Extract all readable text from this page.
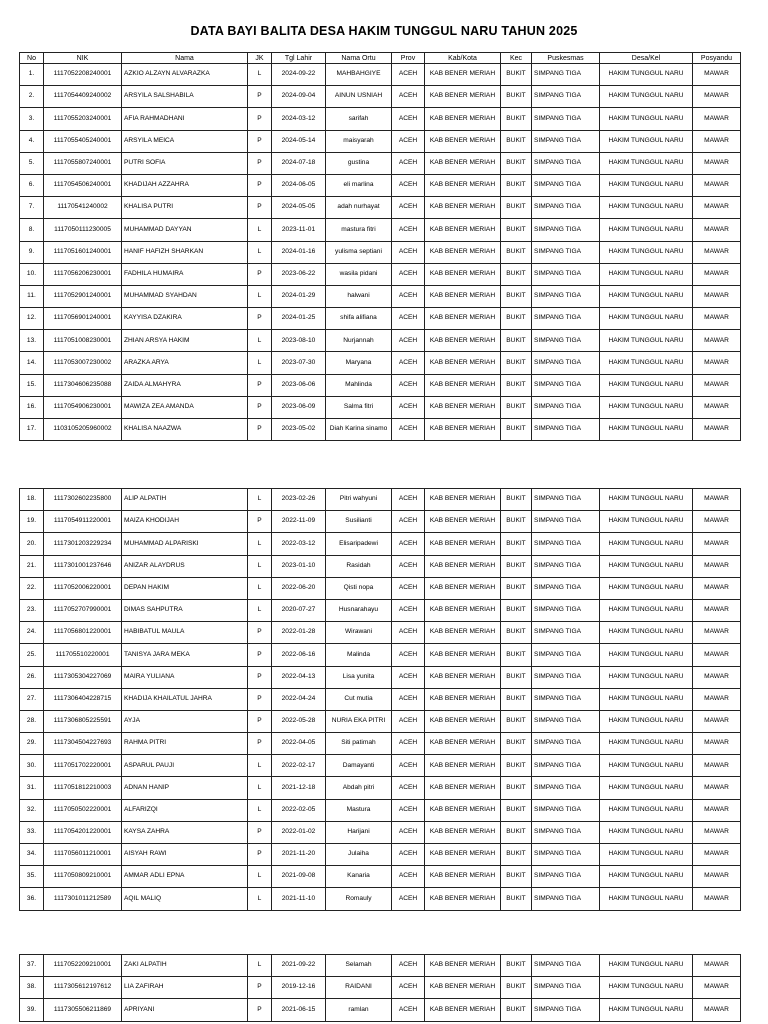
DATA BAYI BALITA DESA HAKIM TUNGGUL NARU TAHUN 2025
No	NIK	Nama	JK	Tgl Lahir	Nama Ortu	Prov	Kab/Kota	Kec	Puskesmas	Desa/Kel	Posyandu
1.	1117052208240001	AZKIO ALZAYN ALVARAZKA	L	2024-09-22	MAHBAHGIYE	ACEH	KAB BENER MERIAH	BUKIT	SIMPANG TIGA	HAKIM TUNGGUL NARU	MAWAR
2.	1117054409240002	ARSYILA SALSHABILA	P	2024-09-04	AINUN USNIAH	ACEH	KAB BENER MERIAH	BUKIT	SIMPANG TIGA	HAKIM TUNGGUL NARU	MAWAR
3.	1117055203240001	AFIA RAHMADHANI	P	2024-03-12	sarifah	ACEH	KAB BENER MERIAH	BUKIT	SIMPANG TIGA	HAKIM TUNGGUL NARU	MAWAR
4.	1117055405240001	ARSYILA MEICA	P	2024-05-14	maisyarah	ACEH	KAB BENER MERIAH	BUKIT	SIMPANG TIGA	HAKIM TUNGGUL NARU	MAWAR
5.	1117055807240001	PUTRI SOFIA	P	2024-07-18	gustina	ACEH	KAB BENER MERIAH	BUKIT	SIMPANG TIGA	HAKIM TUNGGUL NARU	MAWAR
6.	1117054506240001	KHADIJAH AZZAHRA	P	2024-06-05	eli marlina	ACEH	KAB BENER MERIAH	BUKIT	SIMPANG TIGA	HAKIM TUNGGUL NARU	MAWAR
7.	11170541240002	KHALISA PUTRI	P	2024-05-05	adah nurhayat	ACEH	KAB BENER MERIAH	BUKIT	SIMPANG TIGA	HAKIM TUNGGUL NARU	MAWAR
8.	1117050111230005	MUHAMMAD DAYYAN	L	2023-11-01	mastura fitri	ACEH	KAB BENER MERIAH	BUKIT	SIMPANG TIGA	HAKIM TUNGGUL NARU	MAWAR
9.	1117051601240001	HANIF HAFIZH SHARKAN	L	2024-01-16	yulisma septiani	ACEH	KAB BENER MERIAH	BUKIT	SIMPANG TIGA	HAKIM TUNGGUL NARU	MAWAR
10.	1117056206230001	FADHILA HUMAIRA	P	2023-06-22	wasila pidani	ACEH	KAB BENER MERIAH	BUKIT	SIMPANG TIGA	HAKIM TUNGGUL NARU	MAWAR
11.	1117052901240001	MUHAMMAD SYAHDAN	L	2024-01-29	halwani	ACEH	KAB BENER MERIAH	BUKIT	SIMPANG TIGA	HAKIM TUNGGUL NARU	MAWAR
12.	1117056901240001	KAYYISA DZAKIRA	P	2024-01-25	shifa alifiana	ACEH	KAB BENER MERIAH	BUKIT	SIMPANG TIGA	HAKIM TUNGGUL NARU	MAWAR
13.	1117051008230001	ZHIAN ARSYA HAKIM	L	2023-08-10	Nurjannah	ACEH	KAB BENER MERIAH	BUKIT	SIMPANG TIGA	HAKIM TUNGGUL NARU	MAWAR
14.	1117053007230002	ARAZKA ARYA	L	2023-07-30	Maryana	ACEH	KAB BENER MERIAH	BUKIT	SIMPANG TIGA	HAKIM TUNGGUL NARU	MAWAR
15.	1117304606235088	ZAIDA ALMAHYRA	P	2023-06-06	Mahlinda	ACEH	KAB BENER MERIAH	BUKIT	SIMPANG TIGA	HAKIM TUNGGUL NARU	MAWAR
16.	1117054906230001	MAWIZA ZEA AMANDA	P	2023-06-09	Salma fitri	ACEH	KAB BENER MERIAH	BUKIT	SIMPANG TIGA	HAKIM TUNGGUL NARU	MAWAR
17.	1103105205960002	KHALISA NAAZWA	P	2023-05-02	Diah Karina sinamo	ACEH	KAB BENER MERIAH	BUKIT	SIMPANG TIGA	HAKIM TUNGGUL NARU	MAWAR
18.	1117302602235800	ALIP ALPATIH	L	2023-02-26	Pitri wahyuni	ACEH	KAB BENER MERIAH	BUKIT	SIMPANG TIGA	HAKIM TUNGGUL NARU	MAWAR
19.	1117054911220001	MAIZA KHODIJAH	P	2022-11-09	Susilianti	ACEH	KAB BENER MERIAH	BUKIT	SIMPANG TIGA	HAKIM TUNGGUL NARU	MAWAR
20.	1117301203229234	MUHAMMAD ALPARISKI	L	2022-03-12	Elisaripadewi	ACEH	KAB BENER MERIAH	BUKIT	SIMPANG TIGA	HAKIM TUNGGUL NARU	MAWAR
21.	1117301001237646	ANIZAR ALAYDRUS	L	2023-01-10	Rasidah	ACEH	KAB BENER MERIAH	BUKIT	SIMPANG TIGA	HAKIM TUNGGUL NARU	MAWAR
22.	1117052006220001	DEPAN HAKIM	L	2022-06-20	Qisti nopa	ACEH	KAB BENER MERIAH	BUKIT	SIMPANG TIGA	HAKIM TUNGGUL NARU	MAWAR
23.	1117052707990001	DIMAS SAHPUTRA	L	2020-07-27	Husnarahayu	ACEH	KAB BENER MERIAH	BUKIT	SIMPANG TIGA	HAKIM TUNGGUL NARU	MAWAR
24.	1117056801220001	HABIBATUL MAULA	P	2022-01-28	Wirawani	ACEH	KAB BENER MERIAH	BUKIT	SIMPANG TIGA	HAKIM TUNGGUL NARU	MAWAR
25.	111705510220001	TANISYA JARA MEKA	P	2022-06-16	Malinda	ACEH	KAB BENER MERIAH	BUKIT	SIMPANG TIGA	HAKIM TUNGGUL NARU	MAWAR
26.	1117305304227069	MAIRA YULIANA	P	2022-04-13	Lisa yunita	ACEH	KAB BENER MERIAH	BUKIT	SIMPANG TIGA	HAKIM TUNGGUL NARU	MAWAR
27.	1117306404228715	KHADIJA KHAILATUL JAHRA	P	2022-04-24	Cut mutia	ACEH	KAB BENER MERIAH	BUKIT	SIMPANG TIGA	HAKIM TUNGGUL NARU	MAWAR
28.	1117306805225591	AYJA	P	2022-05-28	NURIA EKA PITRI	ACEH	KAB BENER MERIAH	BUKIT	SIMPANG TIGA	HAKIM TUNGGUL NARU	MAWAR
29.	1117304504227693	RAHMA PITRI	P	2022-04-05	Siti patimah	ACEH	KAB BENER MERIAH	BUKIT	SIMPANG TIGA	HAKIM TUNGGUL NARU	MAWAR
30.	1117051702220001	ASPARUL PAUJI	L	2022-02-17	Damayanti	ACEH	KAB BENER MERIAH	BUKIT	SIMPANG TIGA	HAKIM TUNGGUL NARU	MAWAR
31.	1117051812210003	ADNAN HANIP	L	2021-12-18	Abdah pitri	ACEH	KAB BENER MERIAH	BUKIT	SIMPANG TIGA	HAKIM TUNGGUL NARU	MAWAR
32.	1117050502220001	ALFARIZQI	L	2022-02-05	Mastura	ACEH	KAB BENER MERIAH	BUKIT	SIMPANG TIGA	HAKIM TUNGGUL NARU	MAWAR
33.	1117054201220001	KAYSA ZAHRA	P	2022-01-02	Harijani	ACEH	KAB BENER MERIAH	BUKIT	SIMPANG TIGA	HAKIM TUNGGUL NARU	MAWAR
34.	1117056011210001	AISYAH RAWI	P	2021-11-20	Julaiha	ACEH	KAB BENER MERIAH	BUKIT	SIMPANG TIGA	HAKIM TUNGGUL NARU	MAWAR
35.	1117050809210001	AMMAR ADLI EPNA	L	2021-09-08	Kanaria	ACEH	KAB BENER MERIAH	BUKIT	SIMPANG TIGA	HAKIM TUNGGUL NARU	MAWAR
36.	1117301011212589	AQIL MALIQ	L	2021-11-10	Romauly	ACEH	KAB BENER MERIAH	BUKIT	SIMPANG TIGA	HAKIM TUNGGUL NARU	MAWAR
37.	1117052209210001	ZAKI ALPATIH	L	2021-09-22	Selamah	ACEH	KAB BENER MERIAH	BUKIT	SIMPANG TIGA	HAKIM TUNGGUL NARU	MAWAR
38.	1117305612197612	LIA ZAFIRAH	P	2019-12-16	RAIDANI	ACEH	KAB BENER MERIAH	BUKIT	SIMPANG TIGA	HAKIM TUNGGUL NARU	MAWAR
39.	1117305506211869	APRIYANI	P	2021-06-15	ramlan	ACEH	KAB BENER MERIAH	BUKIT	SIMPANG TIGA	HAKIM TUNGGUL NARU	MAWAR
